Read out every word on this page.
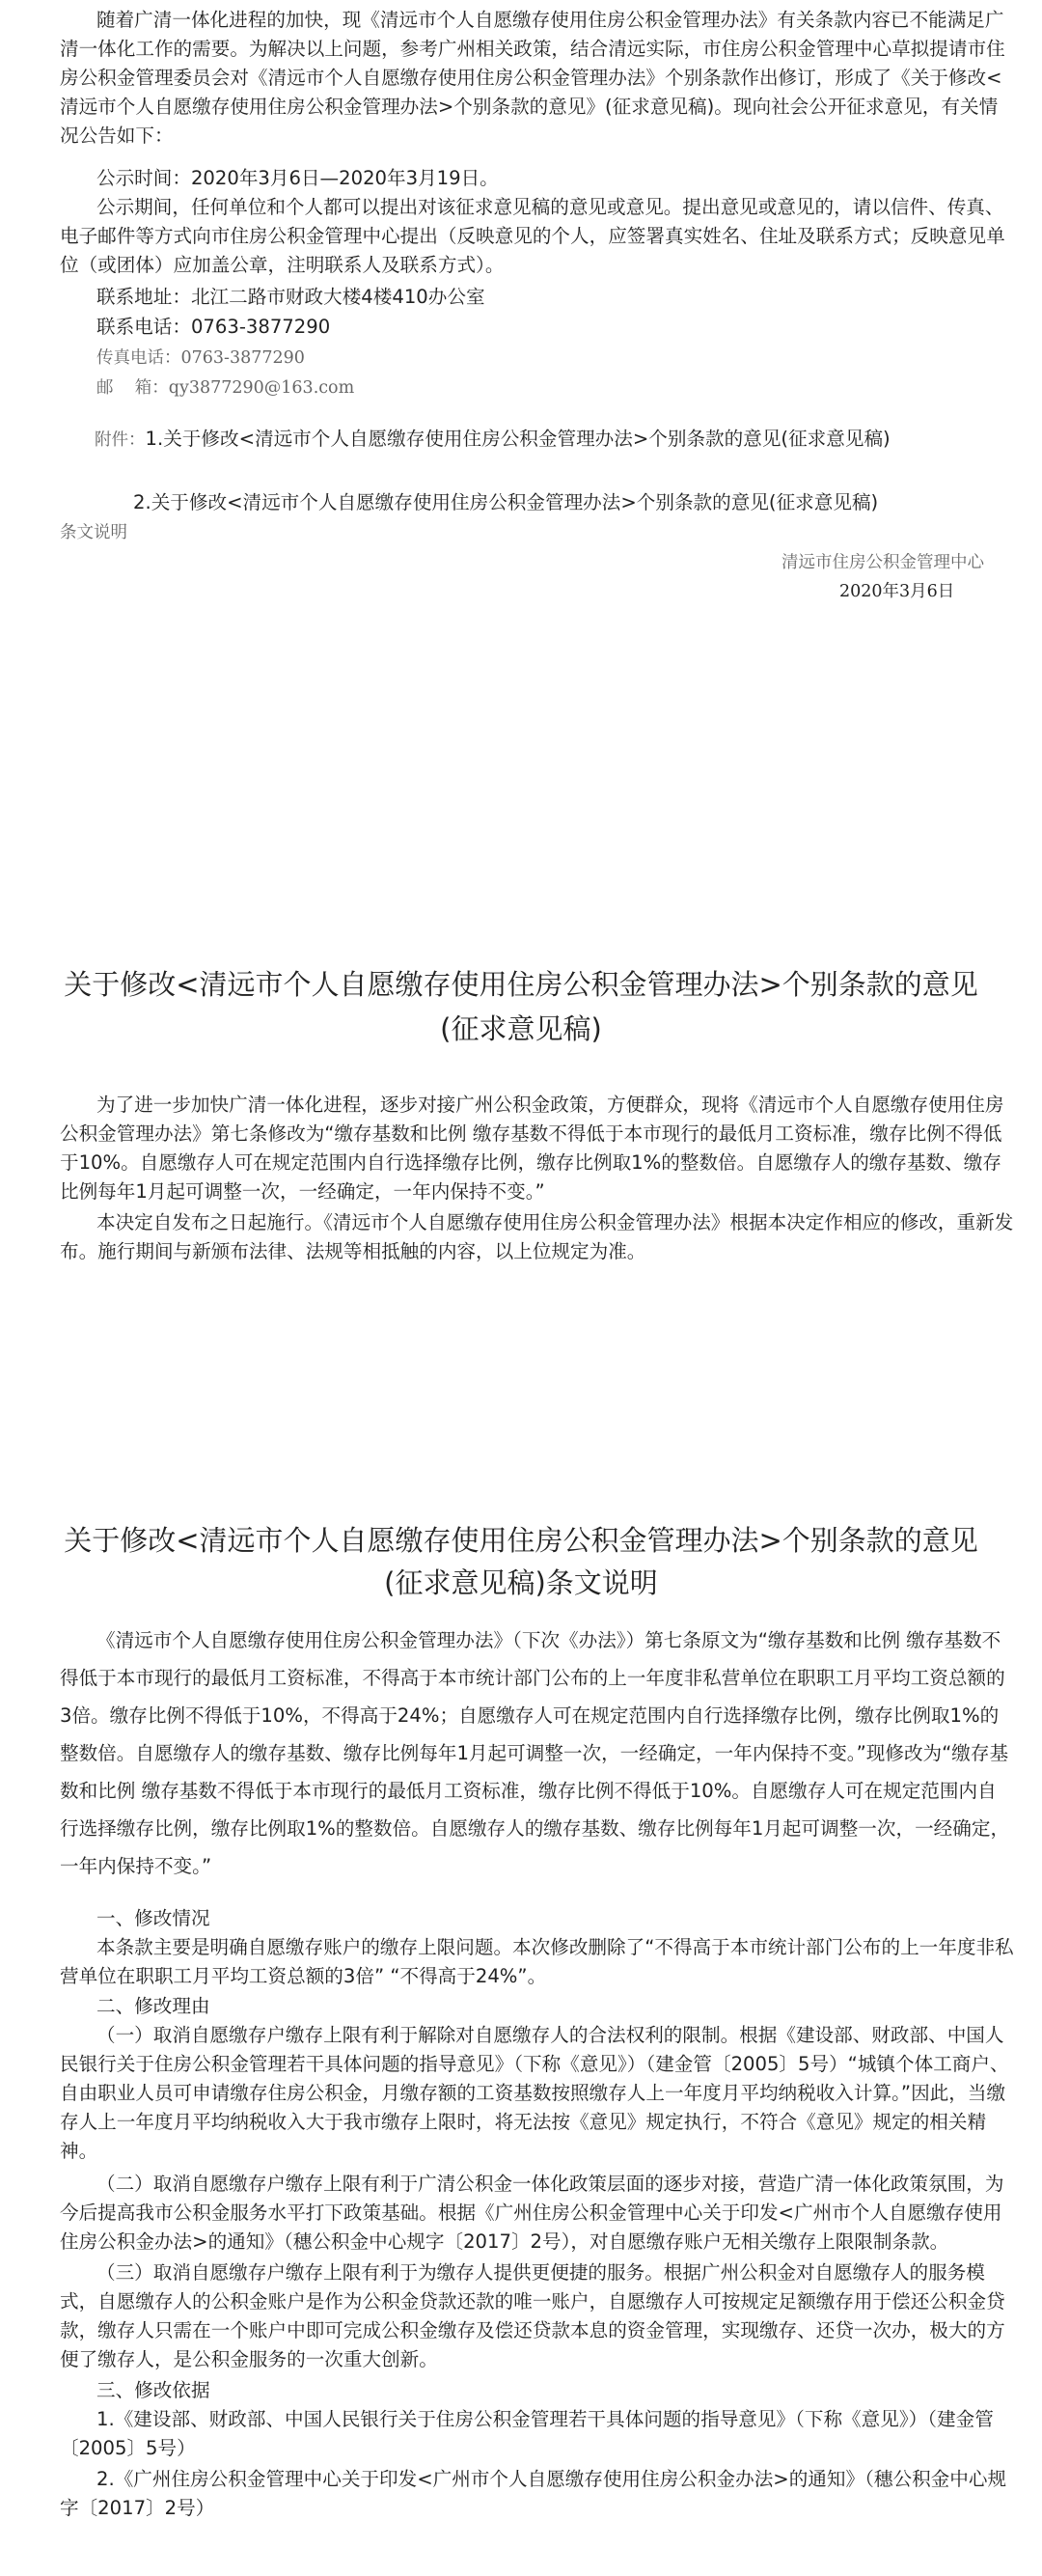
随着广清一体化进程的加快，现《清远市个人自愿缴存使用住房公积金管理办法》有关条款内容已不能满足广清一体化工作的需要。为解决以上问题，参考广州相关政策，结合清远实际，市住房公积金管理中心草拟提请市住房公积金管理委员会对《清远市个人自愿缴存使用住房公积金管理办法》个别条款作出修订，形成了《关于修改<清远市个人自愿缴存使用住房公积金管理办法>个别条款的意见》(征求意见稿)。现向社会公开征求意见，有关情况公告如下：

公示时间：2020年3月6日—2020年3月19日。

公示期间，任何单位和个人都可以提出对该征求意见稿的意见或意见。提出意见或意见的，请以信件、传真、电子邮件等方式向市住房公积金管理中心提出（反映意见的个人，应签署真实姓名、住址及联系方式；反映意见单位（或团体）应加盖公章，注明联系人及联系方式）。

联系地址：北江二路市财政大楼4楼410办公室
联系电话：0763-3877290
传真电话：0763-3877290
邮    箱：qy3877290@163.com

附件：1.关于修改<清远市个人自愿缴存使用住房公积金管理办法>个别条款的意见(征求意见稿)

2.关于修改<清远市个人自愿缴存使用住房公积金管理办法>个别条款的意见(征求意见稿)
条文说明
清远市住房公积金管理中心
2020年3月6日
关于修改<清远市个人自愿缴存使用住房公积金管理办法>个别条款的意见
(征求意见稿)

为了进一步加快广清一体化进程，逐步对接广州公积金政策，方便群众，现将《清远市个人自愿缴存使用住房公积金管理办法》第七条修改为“缴存基数和比例 缴存基数不得低于本市现行的最低月工资标准，缴存比例不得低于10%。自愿缴存人可在规定范围内自行选择缴存比例，缴存比例取1%的整数倍。自愿缴存人的缴存基数、缴存比例每年1月起可调整一次，一经确定，一年内保持不变。”

本决定自发布之日起施行。《清远市个人自愿缴存使用住房公积金管理办法》根据本决定作相应的修改，重新发布。施行期间与新颁布法律、法规等相抵触的内容，以上位规定为准。

关于修改<清远市个人自愿缴存使用住房公积金管理办法>个别条款的意见
(征求意见稿)条文说明

《清远市个人自愿缴存使用住房公积金管理办法》（下次《办法》）第七条原文为“缴存基数和比例 缴存基数不得低于本市现行的最低月工资标准，不得高于本市统计部门公布的上一年度非私营单位在职职工月平均工资总额的3倍。缴存比例不得低于10%，不得高于24%；自愿缴存人可在规定范围内自行选择缴存比例，缴存比例取1%的整数倍。自愿缴存人的缴存基数、缴存比例每年1月起可调整一次，一经确定，一年内保持不变。”现修改为“缴存基数和比例 缴存基数不得低于本市现行的最低月工资标准，缴存比例不得低于10%。自愿缴存人可在规定范围内自行选择缴存比例，缴存比例取1%的整数倍。自愿缴存人的缴存基数、缴存比例每年1月起可调整一次，一经确定，一年内保持不变。”

一、修改情况

本条款主要是明确自愿缴存账户的缴存上限问题。本次修改删除了“不得高于本市统计部门公布的上一年度非私营单位在职职工月平均工资总额的3倍” “不得高于24%”。

二、修改理由

（一）取消自愿缴存户缴存上限有利于解除对自愿缴存人的合法权利的限制。根据《建设部、财政部、中国人民银行关于住房公积金管理若干具体问题的指导意见》（下称《意见》）（建金管〔2005〕5号）“城镇个体工商户、自由职业人员可申请缴存住房公积金，月缴存额的工资基数按照缴存人上一年度月平均纳税收入计算。”因此，当缴存人上一年度月平均纳税收入大于我市缴存上限时，将无法按《意见》规定执行，不符合《意见》规定的相关精神。

（二）取消自愿缴存户缴存上限有利于广清公积金一体化政策层面的逐步对接，营造广清一体化政策氛围，为今后提高我市公积金服务水平打下政策基础。根据《广州住房公积金管理中心关于印发<广州市个人自愿缴存使用住房公积金办法>的通知》（穗公积金中心规字〔2017〕2号），对自愿缴存账户无相关缴存上限限制条款。

（三）取消自愿缴存户缴存上限有利于为缴存人提供更便捷的服务。根据广州公积金对自愿缴存人的服务模式，自愿缴存人的公积金账户是作为公积金贷款还款的唯一账户，自愿缴存人可按规定足额缴存用于偿还公积金贷款，缴存人只需在一个账户中即可完成公积金缴存及偿还贷款本息的资金管理，实现缴存、还贷一次办，极大的方便了缴存人，是公积金服务的一次重大创新。

三、修改依据

1.《建设部、财政部、中国人民银行关于住房公积金管理若干具体问题的指导意见》（下称《意见》）（建金管〔2005〕5号）

2.《广州住房公积金管理中心关于印发<广州市个人自愿缴存使用住房公积金办法>的通知》（穗公积金中心规字〔2017〕2号）
